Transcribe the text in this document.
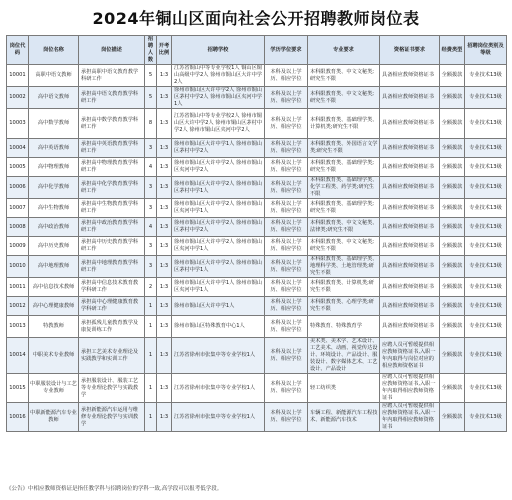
2024年铜山区面向社会公开招聘教师岗位表
岗位代码	岗位名称	岗位描述	招聘人数	开考比例	招聘学校	学历学位要求	专业要求	资格证书要求	经费类型	招聘岗位类别及等级
10001	高职中语文教师	承担高职中语文教育教学科研工作	5	1:3	江苏省铜山中等专业学校1人 铜山区铜山高级中学2人 徐州市铜山区大许中学2人	本科及以上学历、相应学位	本科限教育类、中文文秘类;研究生不限	具备相应教师资格证书	全额拨款	专业技术13级
10002	高中语文教师	承担高中语文教育教学科研工作	5	1:3	徐州市铜山区大许中学2人 徐州市铜山区茅村中学2人 徐州市铜山区夹河中学1人	本科及以上学历、相应学位	本科限教育类、中文文秘类;研究生不限	具备相应教师资格证书	全额拨款	专业技术13级
10003	高中数学教师	承担高中数学教育教学科研工作	8	1:3	江苏省铜山中等专业学校2人 徐州市铜山区大许中学2人 徐州市铜山区茅村中学2人 徐州市铜山区夹河中学2人	本科及以上学历、相应学位	本科限教育类、基础理学类、计算机类;研究生不限	具备相应教师资格证书	全额拨款	专业技术13级
10004	高中英语教师	承担高中英语教育教学科研工作	3	1:3	徐州市铜山区大许中学1人 徐州市铜山区茅村中学2人	本科及以上学历、相应学位	本科限教育类、外国语言文学类;研究生不限	具备相应教师资格证书	全额拨款	专业技术13级
10005	高中物理教师	承担高中物理教育教学科研工作	4	1:3	徐州市铜山区大许中学2人 徐州市铜山区夹河中学2人	本科及以上学历、相应学位	本科限教育类、基础理学类;研究生不限	具备相应教师资格证书	全额拨款	专业技术13级
10006	高中化学教师	承担高中化学教育教学科研工作	3	1:3	徐州市铜山区大许中学2人 徐州市铜山区茅村中学1人	本科及以上学历、相应学位	本科限教育类、基础理学类、化学工程类、药学类;研究生不限	具备相应教师资格证书	全额拨款	专业技术13级
10007	高中生物教师	承担高中生物教育教学科研工作	3	1:3	徐州市铜山区大许中学2人 徐州市铜山区夹河中学1人	本科及以上学历、相应学位	本科限教育类、基础理学类;研究生不限	具备相应教师资格证书	全额拨款	专业技术13级
10008	高中政治教师	承担高中政治教育教学科研工作	4	1:3	徐州市铜山区大许中学2人 徐州市铜山区茅村中学2人	本科及以上学历、相应学位	本科限教育类、中文文秘类、法律类;研究生不限	具备相应教师资格证书	全额拨款	专业技术13级
10009	高中历史教师	承担高中历史教育教学科研工作	3	1:3	徐州市铜山区大许中学2人 徐州市铜山区夹河中学1人	本科及以上学历、相应学位	本科限教育类、中文文秘类;研究生不限	具备相应教师资格证书	全额拨款	专业技术13级
10010	高中地理教师	承担高中地理教育教学科研工作	3	1:3	徐州市铜山区大许中学2人 徐州市铜山区茅村中学1人	本科及以上学历、相应学位	本科限教育类、基础理学类、地理科学类、土地管理类;研究生不限	具备相应教师资格证书	全额拨款	专业技术13级
10011	高中信息技术教师	承担高中信息技术教育教学科研工作	2	1:3	徐州市铜山区大许中学1人 徐州市铜山区夹河中学1人	本科及以上学历、相应学位	本科限教育类、计算机类;研究生不限	具备相应教师资格证书	全额拨款	专业技术13级
10012	高中心理健康教师	承担高中心理健康教育教学科研工作	1	1:3	徐州市铜山区大许中学1人	本科及以上学历、相应学位	本科限教育类、心理学类;研究生不限	具备相应教师资格证书	全额拨款	专业技术13级
10013	特教教师	承担孤残儿童教育教学及康复训练工作	1	1:3	徐州市铜山区特殊教育中心1人	本科及以上学历、相应学位	特殊教育、特殊教育学	具备相应教师资格证书	全额拨款	专业技术13级
10014	中职美术专业教师	承担工艺美术专业理论及实践教学和实训工作	1	1:3	江苏省徐州市张集中等专业学校1人	本科及以上学历、相应学位	美术类、美术学、艺术设计、工艺美术、动画、视觉传达设计、环境设计、产品设计、服装设计、数字媒体艺术、工艺设计、产品设计	应聘人员可暂缓提供相应教师资格证书,入职一年内取得与岗位对应的相应教师资格证书	全额拨款	专业技术13级
10015	中职服装设计与工艺专业教师	承担服装设计、服装工艺等专业理论教学与实践教学	1	1:3	江苏省徐州市张集中等专业学校1人	本科及以上学历、相应学位	轻工纺织类	应聘人员可暂缓提供相应教师资格证书,入职一年内取得相应教师资格证书	全额拨款	专业技术13级
10016	中职新能源汽车专业教师	承担新能源汽车运用与维修专业理论教学与实训教学	1	1:3	江苏省徐州市张集中等专业学校1人	本科及以上学历、相应学位	车辆工程、新能源汽车工程技术、新能源汽车技术	应聘人员可暂缓提供相应教师资格证书,入职一年内取得相应教师资格证书	全额拨款	专业技术13级
《公告》中相应教师资格证是指任教学科与招聘岗位的学科一致,高学段可以报考低学段。
